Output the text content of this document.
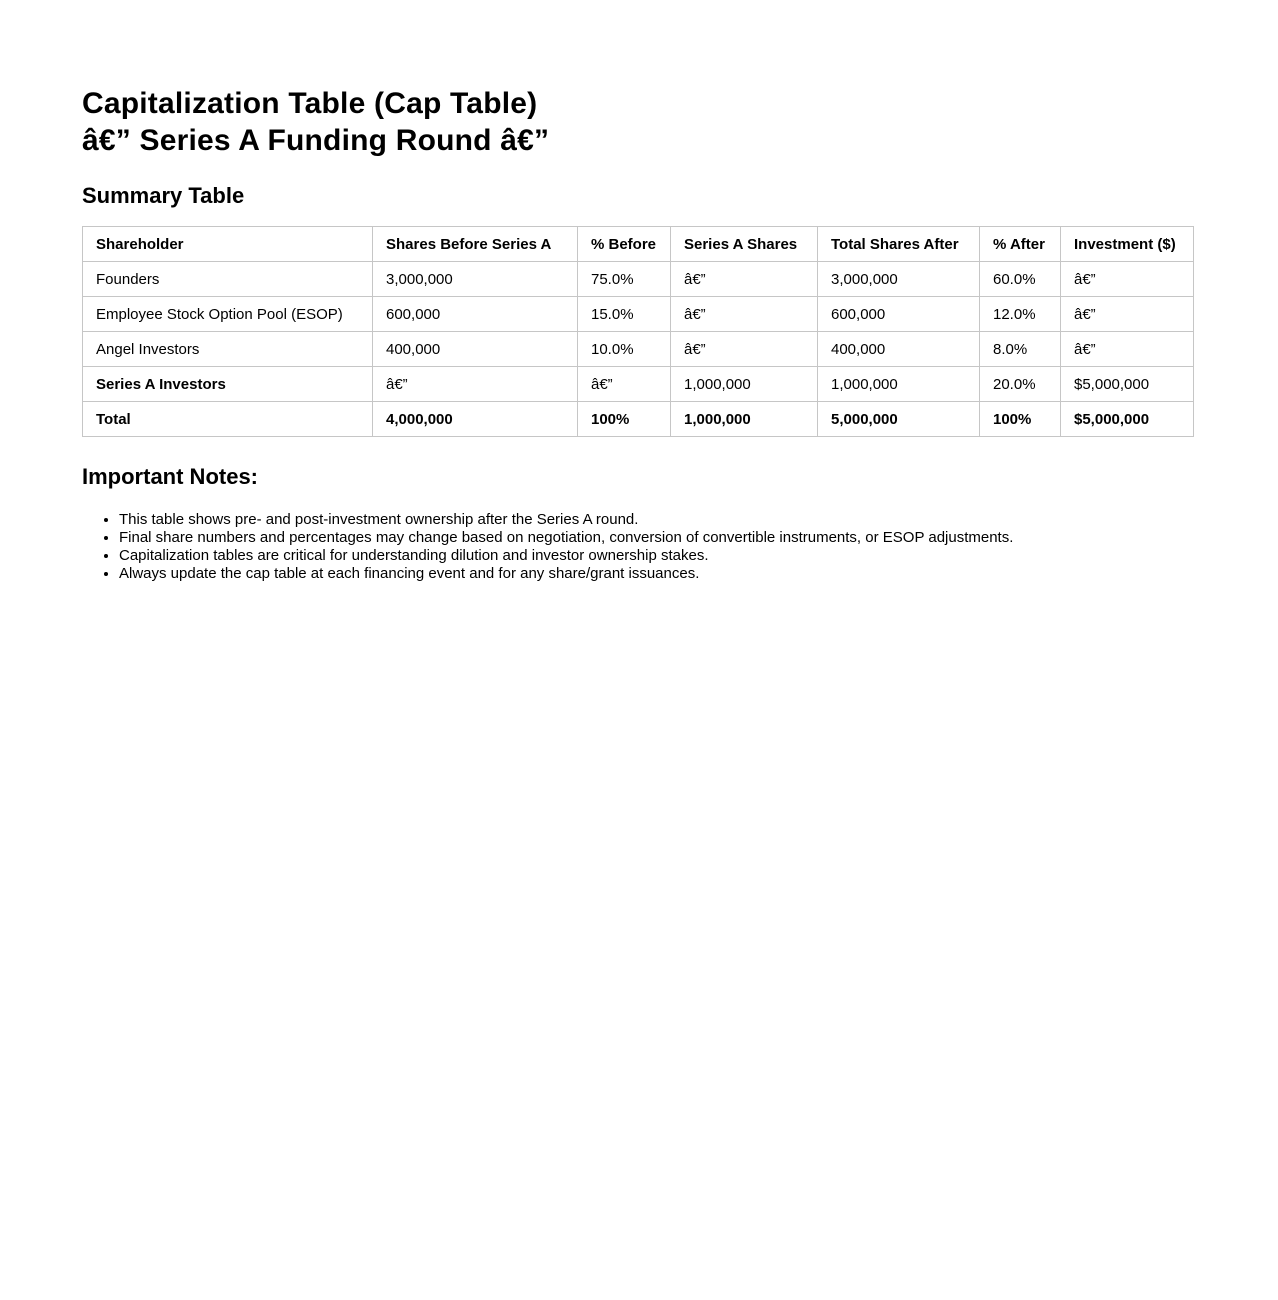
Capitalization Table (Cap Table)
â€” Series A Funding Round â€”
Summary Table
Shareholder	Shares Before Series A	% Before	Series A Shares	Total Shares After	% After	Investment ($)
Founders	3,000,000	75.0%	â€”	3,000,000	60.0%	â€”
Employee Stock Option Pool (ESOP)	600,000	15.0%	â€”	600,000	12.0%	â€”
Angel Investors	400,000	10.0%	â€”	400,000	8.0%	â€”
Series A Investors	â€”	â€”	1,000,000	1,000,000	20.0%	$5,000,000
Total	4,000,000	100%	1,000,000	5,000,000	100%	$5,000,000
Important Notes:
• This table shows pre- and post-investment ownership after the Series A round.
• Final share numbers and percentages may change based on negotiation, conversion of convertible instruments, or ESOP adjustments.
• Capitalization tables are critical for understanding dilution and investor ownership stakes.
• Always update the cap table at each financing event and for any share/grant issuances.
